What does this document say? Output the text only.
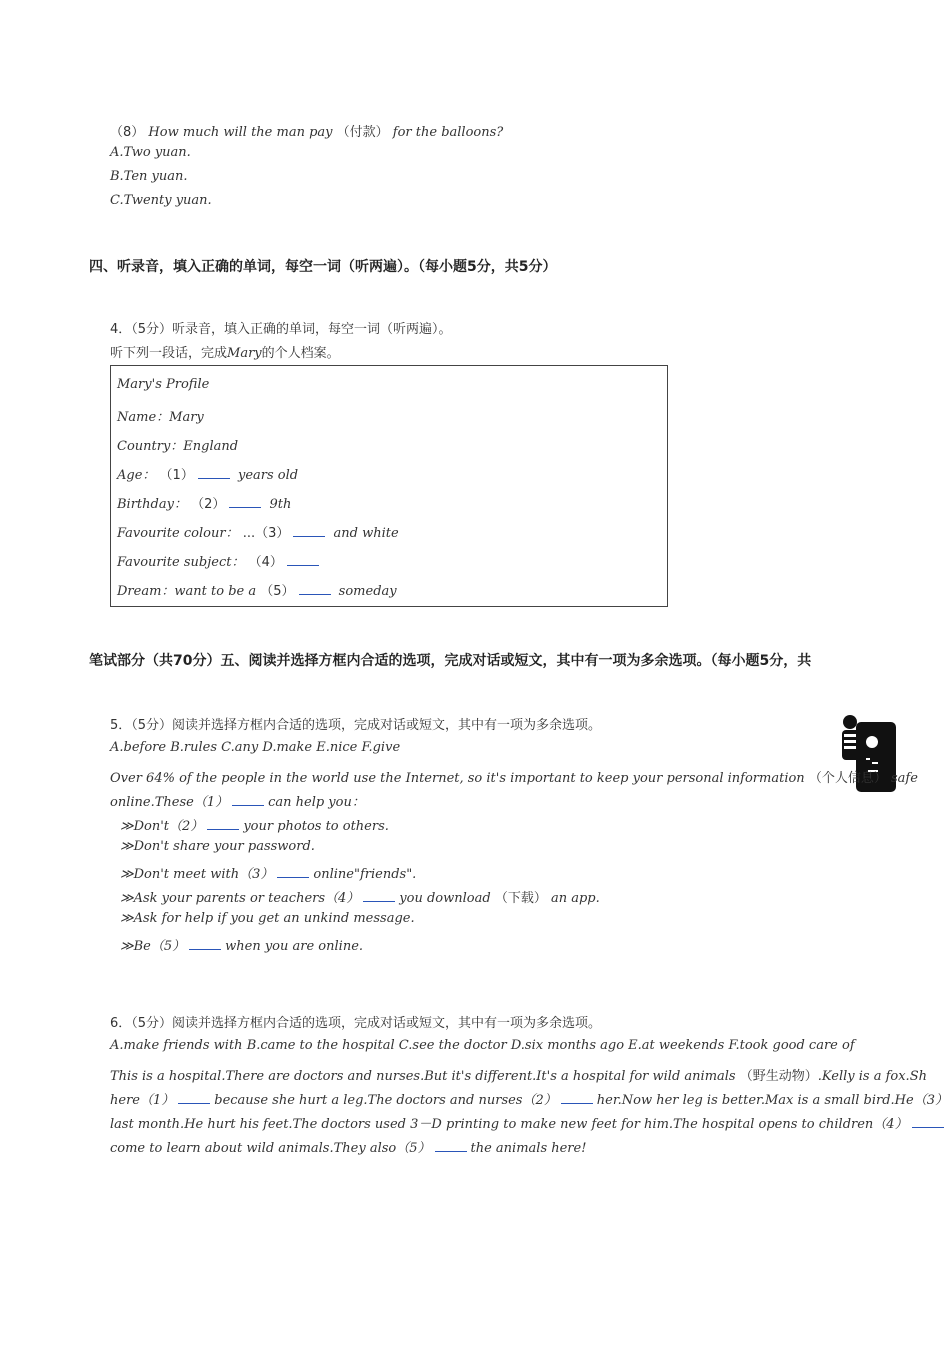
（8） How much will the man pay （付款） for the balloons?
A.Two yuan.
B.Ten yuan.
C.Twenty yuan.
四、听录音，填入正确的单词，每空一词（听两遍）。（每小题5分，共5分）
4．（5分）听录音，填入正确的单词，每空一词（听两遍）。
听下列一段话，完成Mary的个人档案。
Mary's Profile
Name：Mary
Country：England
Age： （1）	years old
Birthday： （2）	9th
Favourite colour： ...（3）	and white
Favourite subject： （4）
Dream：want to be a （5）	someday
笔试部分（共70分）五、阅读并选择方框内合适的选项，完成对话或短文，其中有一项为多余选项。（每小题5分，共
5．（5分）阅读并选择方框内合适的选项，完成对话或短文，其中有一项为多余选项。
A.before B.rules C.any D.make E.nice F.give
Over 64% of the people in the world use the Internet, so it's important to keep your personal information （个人信息） safe
online.These（1）	can help you：
≫Don't（2）	your photos to others.
≫Don't share your password.
≫Don't meet with（3）	online"friends".
≫Ask your parents or teachers（4）	you download （下载） an app.
≫Ask for help if you get an unkind message.
≫Be（5）	when you are online.
6．（5分）阅读并选择方框内合适的选项，完成对话或短文，其中有一项为多余选项。
A.make friends with B.came to the hospital C.see the doctor D.six months ago E.at weekends F.took good care of
This is a hospital.There are doctors and nurses.But it's different.It's a hospital for wild animals （野生动物）.Kelly is a fox.Sh
here（1）	because she hurt a leg.The doctors and nurses（2）	her.Now her leg is better.Max is a small bird.He（3）
last month.He hurt his feet.The doctors used 3－D printing to make new feet for him.The hospital opens to children（4）
come to learn about wild animals.They also（5）	the animals here!
